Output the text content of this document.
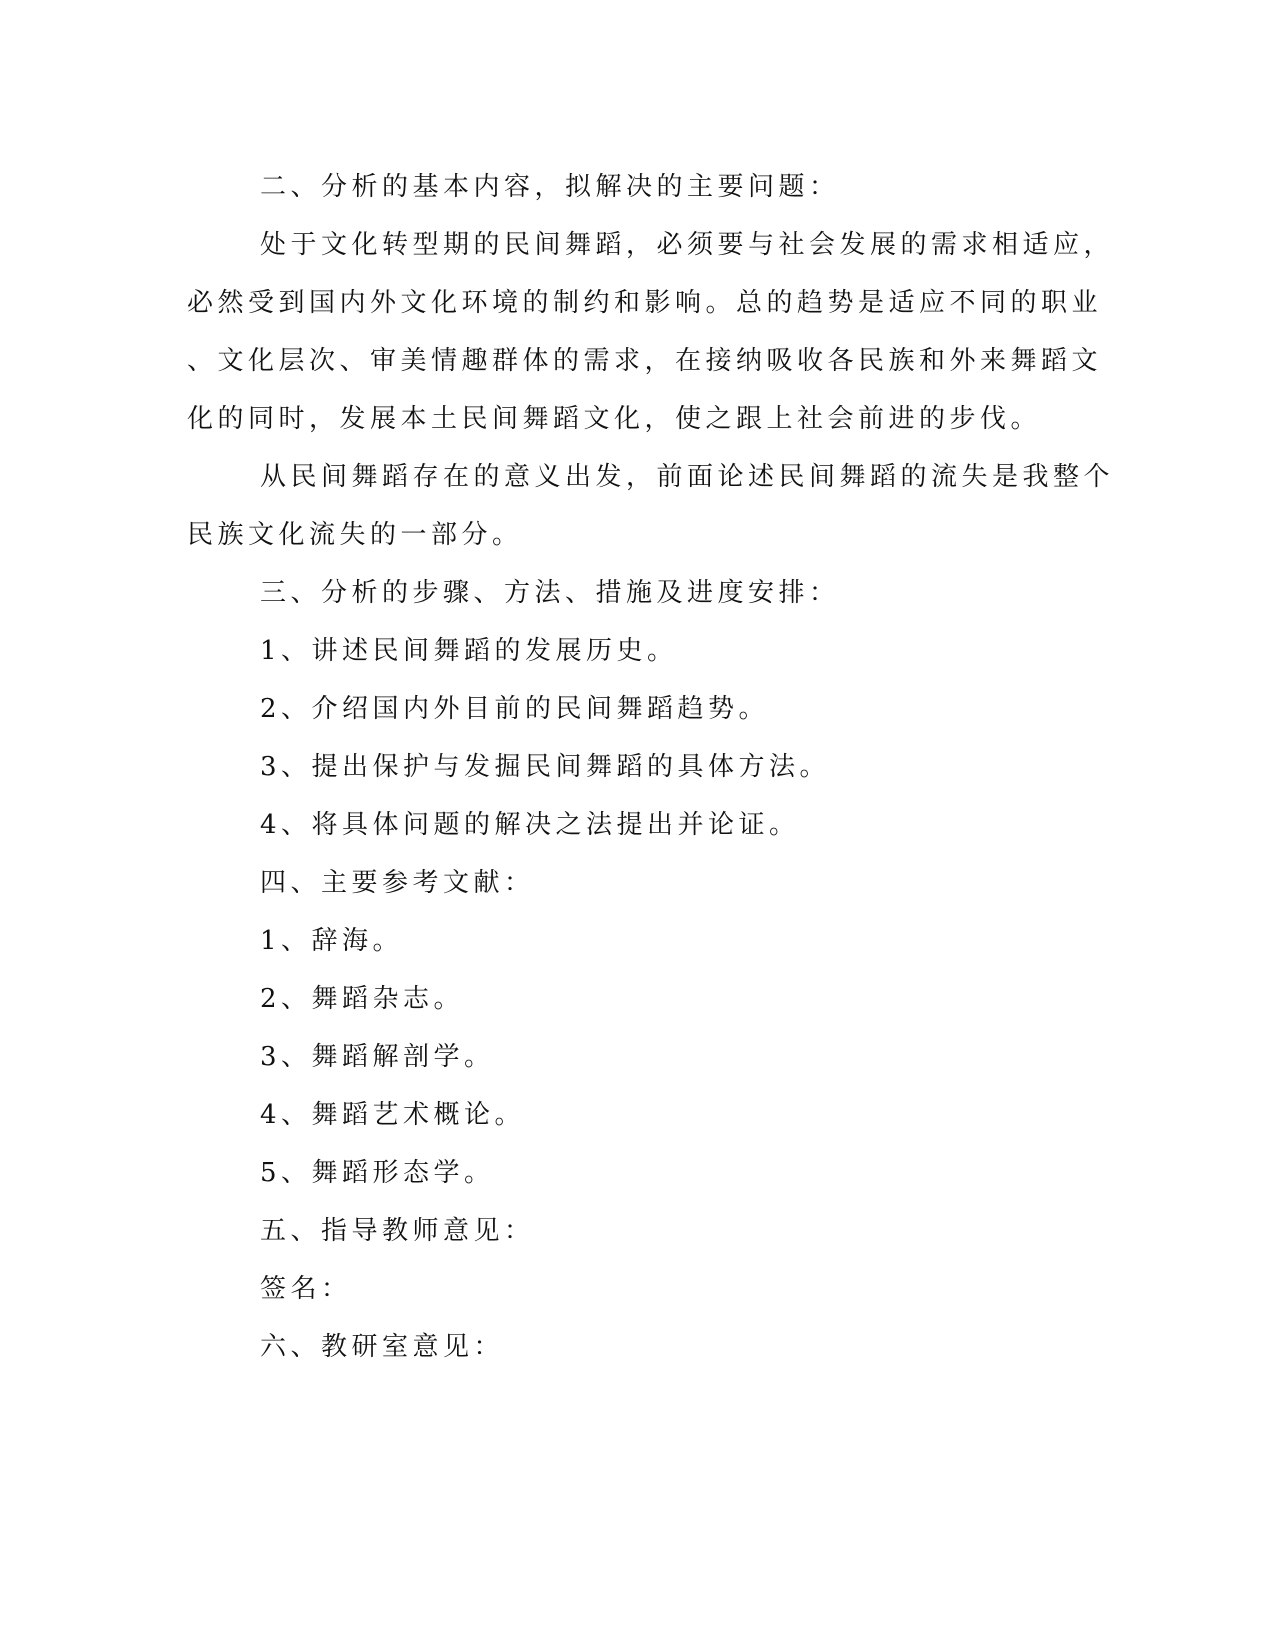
二、分析的基本内容，拟解决的主要问题：
处于文化转型期的民间舞蹈，必须要与社会发展的需求相适应，
必然受到国内外文化环境的制约和影响。总的趋势是适应不同的职业
、文化层次、审美情趣群体的需求，在接纳吸收各民族和外来舞蹈文
化的同时，发展本土民间舞蹈文化，使之跟上社会前进的步伐。
从民间舞蹈存在的意义出发，前面论述民间舞蹈的流失是我整个
民族文化流失的一部分。
三、分析的步骤、方法、措施及进度安排：
1、讲述民间舞蹈的发展历史。
2、介绍国内外目前的民间舞蹈趋势。
3、提出保护与发掘民间舞蹈的具体方法。
4、将具体问题的解决之法提出并论证。
四、主要参考文献：
1、辞海。
2、舞蹈杂志。
3、舞蹈解剖学。
4、舞蹈艺术概论。
5、舞蹈形态学。
五、指导教师意见：
签名：
六、教研室意见：
